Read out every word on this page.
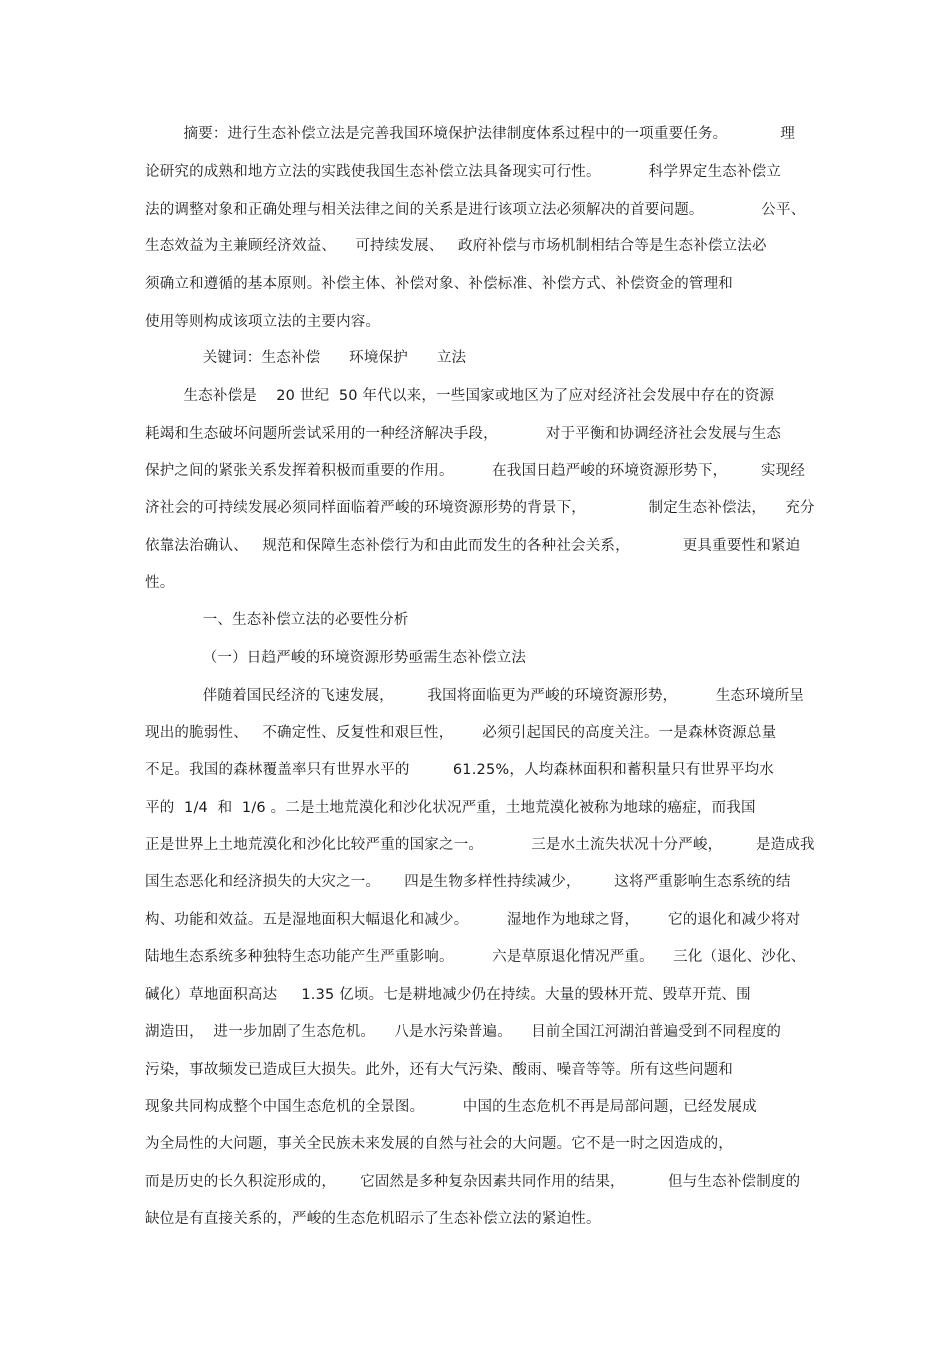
摘要：进行生态补偿立法是完善我国环境保护法律制度体系过程中的一项重要任务。           理
论研究的成熟和地方立法的实践使我国生态补偿立法具备现实可行性。          科学界定生态补偿立
法的调整对象和正确处理与相关法律之间的关系是进行该项立法必须解决的首要问题。            公平、
生态效益为主兼顾经济效益、    可持续发展、   政府补偿与市场机制相结合等是生态补偿立法必
须确立和遵循的基本原则。补偿主体、补偿对象、补偿标准、补偿方式、补偿资金的管理和
使用等则构成该项立法的主要内容。
关键词：生态补偿      环境保护      立法
生态补偿是    20 世纪  50 年代以来，一些国家或地区为了应对经济社会发展中存在的资源
耗竭和生态破坏问题所尝试采用的一种经济解决手段，          对于平衡和协调经济社会发展与生态
保护之间的紧张关系发挥着积极而重要的作用。        在我国日趋严峻的环境资源形势下，       实现经
济社会的可持续发展必须同样面临着严峻的环境资源形势的背景下，             制定生态补偿法，    充分
依靠法治确认、   规范和保障生态补偿行为和由此而发生的各种社会关系，           更具重要性和紧迫
性。
一、生态补偿立法的必要性分析
（一）日趋严峻的环境资源形势亟需生态补偿立法
伴随着国民经济的飞速发展，       我国将面临更为严峻的环境资源形势，        生态环境所呈
现出的脆弱性、   不确定性、反复性和艰巨性，      必须引起国民的高度关注。一是森林资源总量
不足。我国的森林覆盖率只有世界水平的         61.25%，人均森林面积和蓄积量只有世界平均水
平的  1/4  和  1/6 。二是土地荒漠化和沙化状况严重，土地荒漠化被称为地球的癌症，而我国
正是世界上土地荒漠化和沙化比较严重的国家之一。          三是水土流失状况十分严峻，       是造成我
国生态恶化和经济损失的大灾之一。     四是生物多样性持续减少，       这将严重影响生态系统的结
构、功能和效益。五是湿地面积大幅退化和减少。        湿地作为地球之肾，      它的退化和减少将对
陆地生态系统多种独特生态功能产生严重影响。        六是草原退化情况严重。    三化（退化、沙化、
碱化）草地面积高达     1.35 亿顷。七是耕地减少仍在持续。大量的毁林开荒、毁草开荒、围
湖造田，  进一步加剧了生态危机。    八是水污染普遍。    目前全国江河湖泊普遍受到不同程度的
污染，事故频发已造成巨大损失。此外，还有大气污染、酸雨、噪音等等。所有这些问题和
现象共同构成整个中国生态危机的全景图。        中国的生态危机不再是局部问题，已经发展成
为全局性的大问题，事关全民族未来发展的自然与社会的大问题。它不是一时之因造成的，
而是历史的长久积淀形成的，     它固然是多种复杂因素共同作用的结果，         但与生态补偿制度的
缺位是有直接关系的，严峻的生态危机昭示了生态补偿立法的紧迫性。
